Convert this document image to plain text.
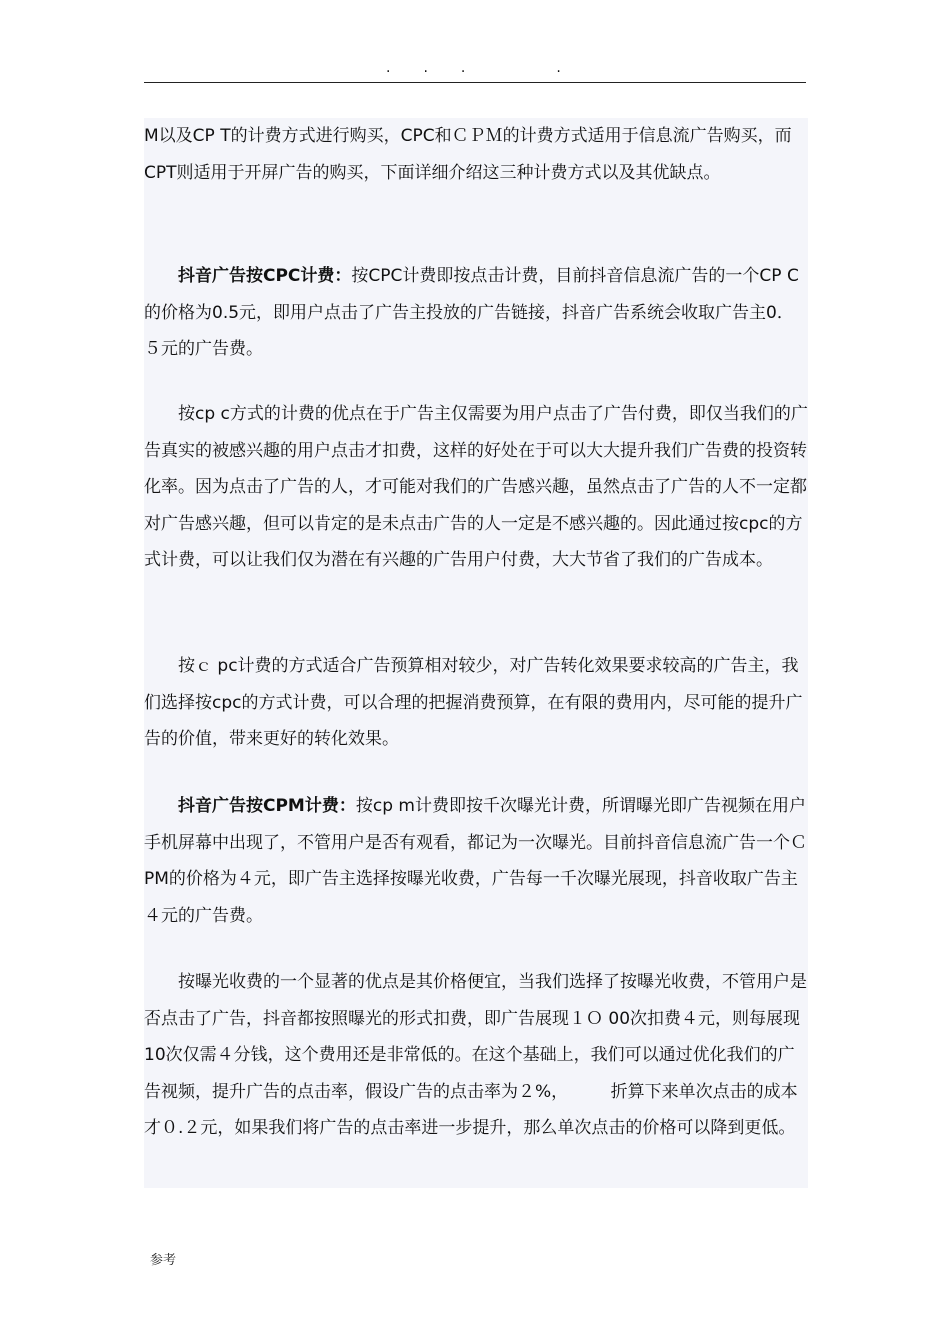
. . .	.

M以及CP T的计费方式进行购买，CPC和ＣＰＭ的计费方式适用于信息流广告购买，而CPT则适用于开屏广告的购买，下面详细介绍这三种计费方式以及其优缺点。

抖音广告按CPC计费：按CPC计费即按点击计费，目前抖音信息流广告的一个CP C的价格为0.5元，即用户点击了广告主投放的广告链接，抖音广告系统会收取广告主0．５元的广告费。

按cp c方式的计费的优点在于广告主仅需要为用户点击了广告付费，即仅当我们的广告真实的被感兴趣的用户点击才扣费，这样的好处在于可以大大提升我们广告费的投资转化率。因为点击了广告的人，才可能对我们的广告感兴趣，虽然点击了广告的人不一定都对广告感兴趣，但可以肯定的是未点击广告的人一定是不感兴趣的。因此通过按cpc的方式计费，可以让我们仅为潜在有兴趣的广告用户付费，大大节省了我们的广告成本。

按ｃ pc计费的方式适合广告预算相对较少，对广告转化效果要求较高的广告主，我们选择按cpc的方式计费，可以合理的把握消费预算，在有限的费用内，尽可能的提升广告的价值，带来更好的转化效果。

抖音广告按CPM计费：按cp m计费即按千次曝光计费，所谓曝光即广告视频在用户手机屏幕中出现了，不管用户是否有观看，都记为一次曝光。目前抖音信息流广告一个Ｃ PM的价格为４元，即广告主选择按曝光收费，广告每一千次曝光展现，抖音收取广告主４元的广告费。

按曝光收费的一个显著的优点是其价格便宜，当我们选择了按曝光收费，不管用户是否点击了广告，抖音都按照曝光的形式扣费，即广告展现１Ｏ 00次扣费４元，则每展现10次仅需４分钱，这个费用还是非常低的。在这个基础上，我们可以通过优化我们的广告视频，提升广告的点击率，假设广告的点击率为２%，　　　折算下来单次点击的成本才０.２元，如果我们将广告的点击率进一步提升，那么单次点击的价格可以降到更低。

参考
